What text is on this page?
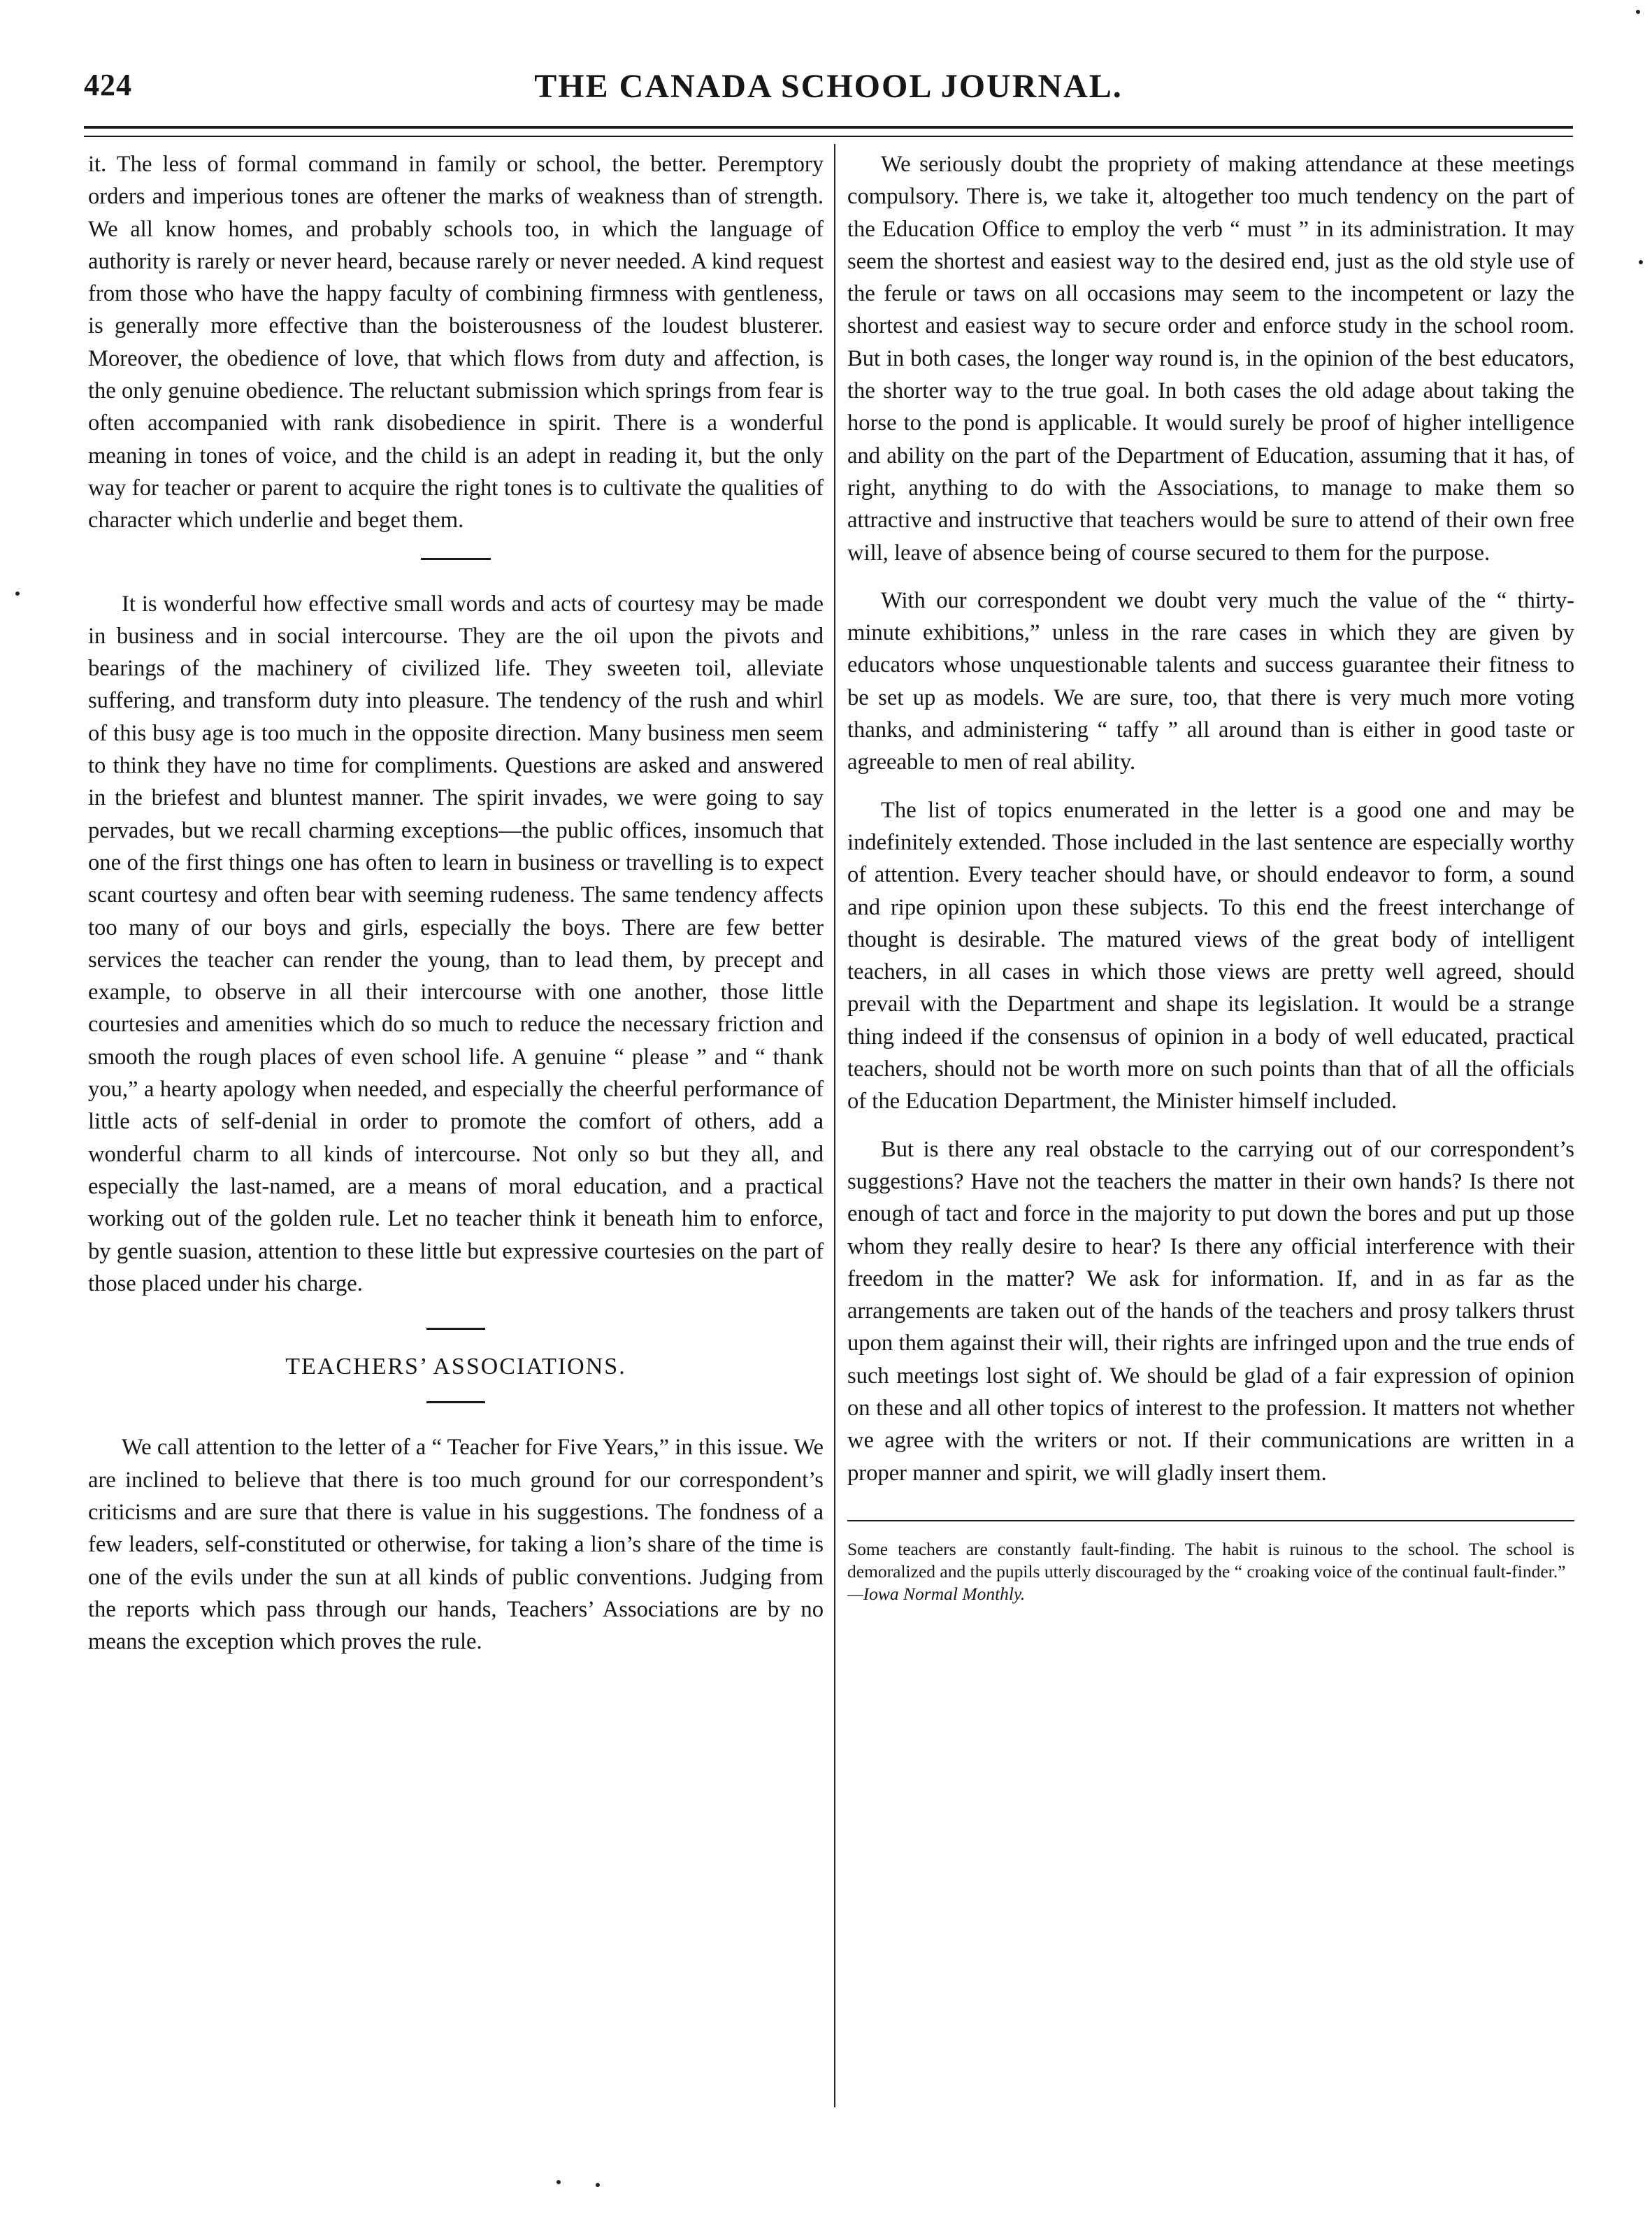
424	THE CANADA SCHOOL JOURNAL.

it. The less of formal command in family or school, the better. Peremptory orders and imperious tones are oftener the marks of weakness than of strength. We all know homes, and probably schools too, in which the language of authority is rarely or never heard, because rarely or never needed. A kind request from those who have the happy faculty of combining firmness with gentleness, is generally more effective than the boisterousness of the loudest blusterer. Moreover, the obedience of love, that which flows from duty and affection, is the only genuine obedience. The reluctant submission which springs from fear is often accompanied with rank disobedience in spirit. There is a wonderful meaning in tones of voice, and the child is an adept in reading it, but the only way for teacher or parent to acquire the right tones is to cultivate the qualities of character which underlie and beget them.

It is wonderful how effective small words and acts of courtesy may be made in business and in social intercourse. They are the oil upon the pivots and bearings of the machinery of civilized life. They sweeten toil, alleviate suffering, and transform duty into pleasure. The tendency of the rush and whirl of this busy age is too much in the opposite direction. Many business men seem to think they have no time for compliments. Questions are asked and answered in the briefest and bluntest manner. The spirit invades, we were going to say pervades, but we recall charming exceptions—the public offices, insomuch that one of the first things one has often to learn in business or travelling is to expect scant courtesy and often bear with seeming rudeness. The same tendency affects too many of our boys and girls, especially the boys. There are few better services the teacher can render the young, than to lead them, by precept and example, to observe in all their intercourse with one another, those little courtesies and amenities which do so much to reduce the necessary friction and smooth the rough places of even school life. A genuine “ please ” and “ thank you,” a hearty apology when needed, and especially the cheerful performance of little acts of self-denial in order to promote the comfort of others, add a wonderful charm to all kinds of intercourse. Not only so but they all, and especially the last-named, are a means of moral education, and a practical working out of the golden rule. Let no teacher think it beneath him to enforce, by gentle suasion, attention to these little but expressive courtesies on the part of those placed under his charge.

TEACHERS’ ASSOCIATIONS.

We call attention to the letter of a “ Teacher for Five Years,” in this issue. We are inclined to believe that there is too much ground for our correspondent’s criticisms and are sure that there is value in his suggestions. The fondness of a few leaders, self-constituted or otherwise, for taking a lion’s share of the time is one of the evils under the sun at all kinds of public conventions. Judging from the reports which pass through our hands, Teachers’ Associations are by no means the exception which proves the rule.

We seriously doubt the propriety of making attendance at these meetings compulsory. There is, we take it, altogether too much tendency on the part of the Education Office to employ the verb “ must ” in its administration. It may seem the shortest and easiest way to the desired end, just as the old style use of the ferule or taws on all occasions may seem to the incompetent or lazy the shortest and easiest way to secure order and enforce study in the school room. But in both cases, the longer way round is, in the opinion of the best educators, the shorter way to the true goal. In both cases the old adage about taking the horse to the pond is applicable. It would surely be proof of higher intelligence and ability on the part of the Department of Education, assuming that it has, of right, anything to do with the Associations, to manage to make them so attractive and instructive that teachers would be sure to attend of their own free will, leave of absence being of course secured to them for the purpose.

With our correspondent we doubt very much the value of the “ thirty-minute exhibitions,” unless in the rare cases in which they are given by educators whose unquestionable talents and success guarantee their fitness to be set up as models. We are sure, too, that there is very much more voting thanks, and administering “ taffy ” all around than is either in good taste or agreeable to men of real ability.

The list of topics enumerated in the letter is a good one and may be indefinitely extended. Those included in the last sentence are especially worthy of attention. Every teacher should have, or should endeavor to form, a sound and ripe opinion upon these subjects. To this end the freest interchange of thought is desirable. The matured views of the great body of intelligent teachers, in all cases in which those views are pretty well agreed, should prevail with the Department and shape its legislation. It would be a strange thing indeed if the consensus of opinion in a body of well educated, practical teachers, should not be worth more on such points than that of all the officials of the Education Department, the Minister himself included.

But is there any real obstacle to the carrying out of our correspondent’s suggestions? Have not the teachers the matter in their own hands? Is there not enough of tact and force in the majority to put down the bores and put up those whom they really desire to hear? Is there any official interference with their freedom in the matter? We ask for information. If, and in as far as the arrangements are taken out of the hands of the teachers and prosy talkers thrust upon them against their will, their rights are infringed upon and the true ends of such meetings lost sight of. We should be glad of a fair expression of opinion on these and all other topics of interest to the profession. It matters not whether we agree with the writers or not. If their communications are written in a proper manner and spirit, we will gladly insert them.

Some teachers are constantly fault-finding. The habit is ruinous to the school. The school is demoralized and the pupils utterly discouraged by the “ croaking voice of the continual fault-finder.”
—Iowa Normal Monthly.
